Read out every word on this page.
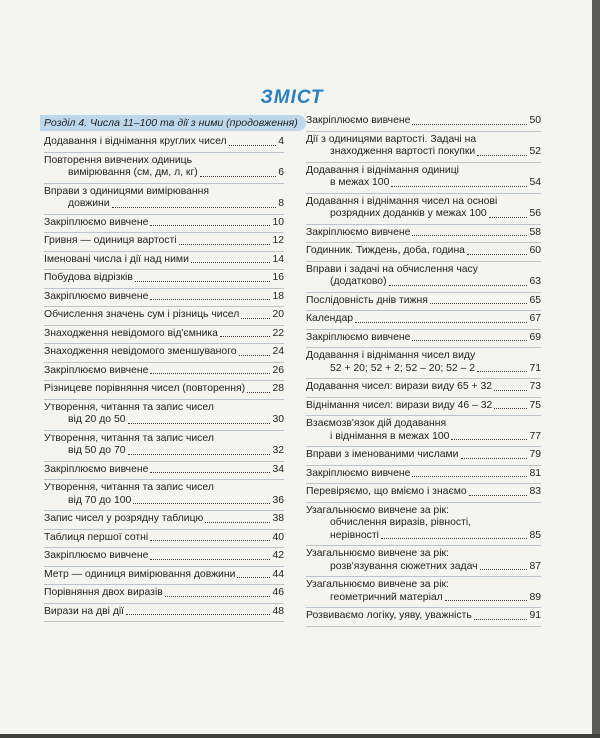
ЗМІСТ
Розділ 4. Числа 11–100 та дії з ними (продовження)
Додавання і віднімання круглих чисел	4
Повторення вивчених одиниць
вимірювання (см, дм, л, кг)	6
Вправи з одиницями вимірювання
довжини	8
Закріплюємо вивчене	10
Гривня — одиниця вартості	12
Іменовані числа і дії над ними	14
Побудова відрізків	16
Закріплюємо вивчене	18
Обчислення значень сум і різниць чисел	20
Знаходження невідомого від'ємника	22
Знаходження невідомого зменшуваного	24
Закріплюємо вивчене	26
Різницеве порівняння чисел (повторення)	28
Утворення, читання та запис чисел
від 20 до 50	30
Утворення, читання та запис чисел
від 50 до 70	32
Закріплюємо вивчене	34
Утворення, читання та запис чисел
від 70 до 100	36
Запис чисел у розрядну таблицю	38
Таблиця першої сотні	40
Закріплюємо вивчене	42
Метр — одиниця вимірювання довжини	44
Порівняння двох виразів	46
Вирази на дві дії	48
Закріплюємо вивчене	50
Дії з одиницями вартості. Задачі на
знаходження вартості покупки	52
Додавання і віднімання одиниці
в межах 100	54
Додавання і віднімання чисел на основі
розрядних доданків у межах 100	56
Закріплюємо вивчене	58
Годинник. Тиждень, доба, година	60
Вправи і задачі на обчислення часу
(додатково)	63
Послідовність днів тижня	65
Календар	67
Закріплюємо вивчене	69
Додавання і віднімання чисел виду
52 + 20; 52 + 2; 52 – 20; 52 – 2	71
Додавання чисел: вирази виду 65 + 32	73
Віднімання чисел: вирази виду 46 – 32	75
Взаємозв'язок дій додавання
і віднімання в межах 100	77
Вправи з іменованими числами	79
Закріплюємо вивчене	81
Перевіряємо, що вміємо і знаємо	83
Узагальнюємо вивчене за рік:
обчислення виразів, рівності,
нерівності	85
Узагальнюємо вивчене за рік:
розв'язування сюжетних задач	87
Узагальнюємо вивчене за рік:
геометричний матеріал	89
Розвиваємо логіку, уяву, уважність	91
